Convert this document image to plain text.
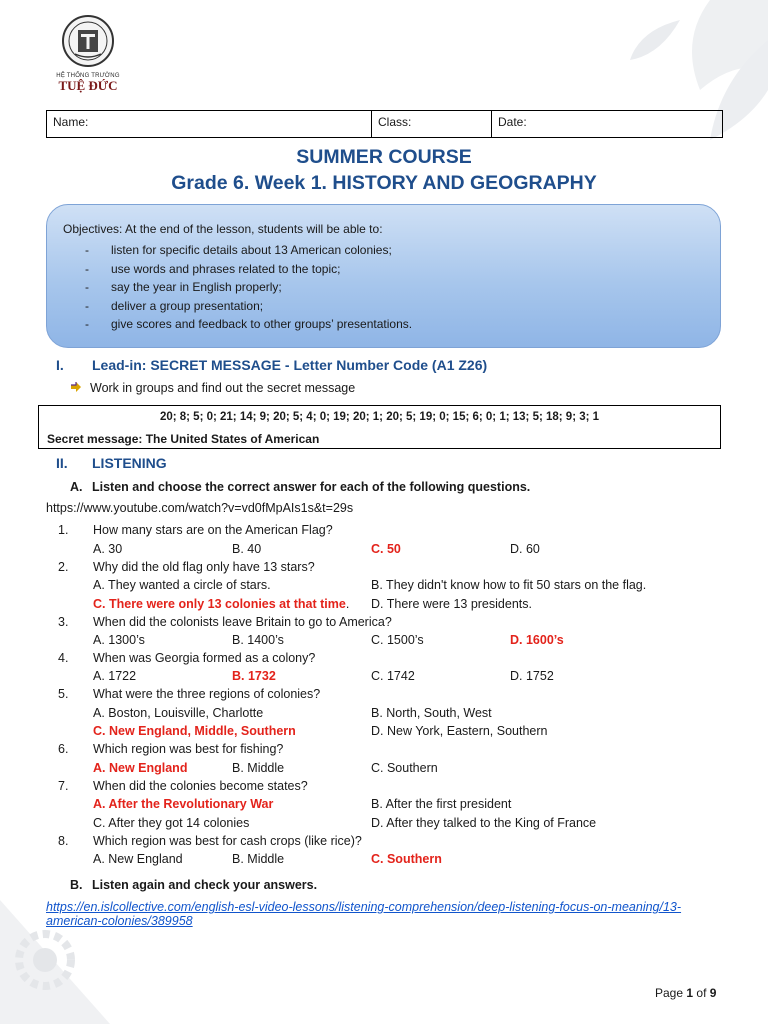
HỆ THỐNG TRƯỜNG
TUỆ ĐỨC
Name:	Class:	Date:
SUMMER COURSE
Grade 6. Week 1. HISTORY AND GEOGRAPHY
Objectives: At the end of the lesson, students will be able to:
- listen for specific details about 13 American colonies;
- use words and phrases related to the topic;
- say the year in English properly;
- deliver a group presentation;
- give scores and feedback to other groups’ presentations.
I. Lead-in: SECRET MESSAGE - Letter Number Code (A1 Z26)
Work in groups and find out the secret message
20; 8; 5; 0; 21; 14; 9; 20; 5; 4; 0; 19; 20; 1; 20; 5; 19; 0; 15; 6; 0; 1; 13; 5; 18; 9; 3; 1
Secret message: The United States of American
II. LISTENING
A. Listen and choose the correct answer for each of the following questions.
https://www.youtube.com/watch?v=vd0fMpAIs1s&t=29s
1. How many stars are on the American Flag?
A. 30	B. 40	C. 50	D. 60
2. Why did the old flag only have 13 stars?
A. They wanted a circle of stars.	B. They didn't know how to fit 50 stars on the flag.
C. There were only 13 colonies at that time. D. There were 13 presidents.
3. When did the colonists leave Britain to go to America?
A. 1300’s	B. 1400’s	C. 1500’s	D. 1600’s
4. When was Georgia formed as a colony?
A. 1722	B. 1732	C. 1742	D. 1752
5. What were the three regions of colonies?
A. Boston, Louisville, Charlotte	B. North, South, West
C. New England, Middle, Southern	D. New York, Eastern, Southern
6. Which region was best for fishing?
A. New England	B. Middle	C. Southern
7. When did the colonies become states?
A. After the Revolutionary War	B. After the first president
C. After they got 14 colonies	D. After they talked to the King of France
8. Which region was best for cash crops (like rice)?
A. New England	B. Middle	C. Southern
B. Listen again and check your answers.
https://en.islcollective.com/english-esl-video-lessons/listening-comprehension/deep-listening-focus-on-meaning/13-
american-colonies/389958
Page 1 of 9
